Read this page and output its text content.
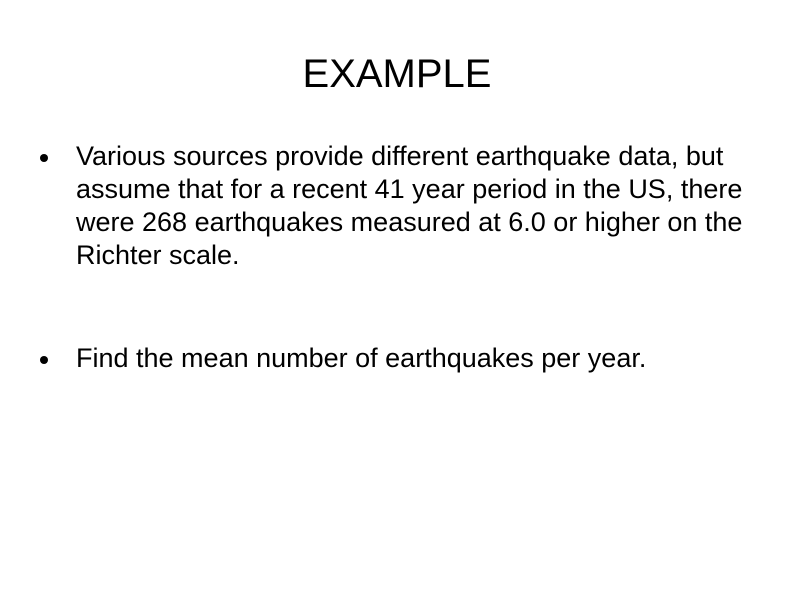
EXAMPLE
Various sources provide different earthquake data, but assume that for a recent 41 year period in the US, there were 268 earthquakes measured at 6.0 or higher on the Richter scale.
Find the mean number of earthquakes per year.
